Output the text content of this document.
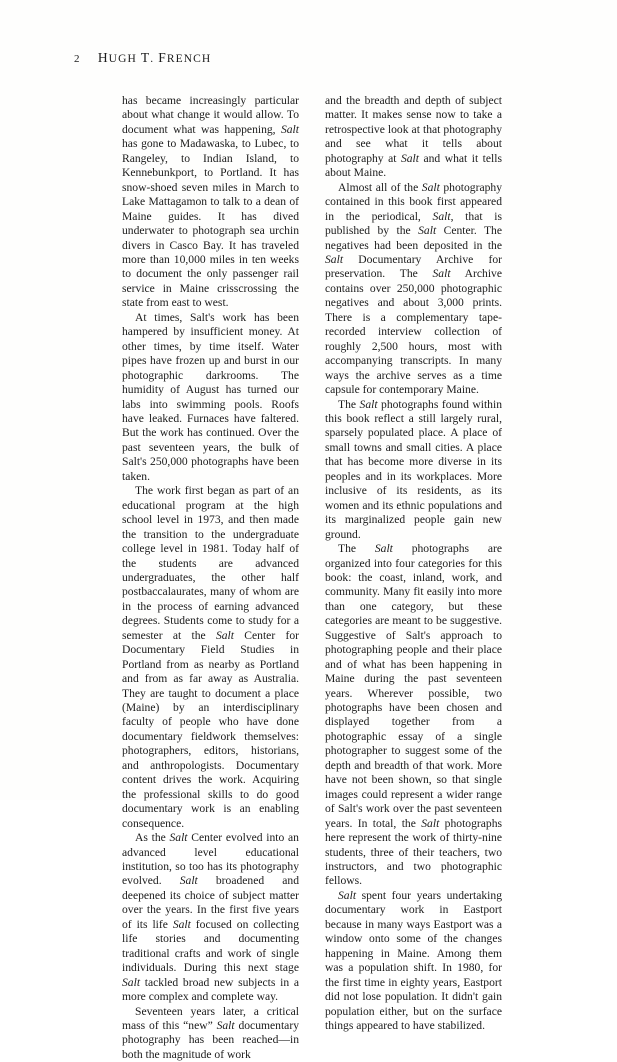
2 HUGH T. FRENCH

has became increasingly particular about what change it would allow. To document what was happening, Salt has gone to Madawaska, to Lubec, to Rangeley, to Indian Island, to Kennebunkport, to Portland. It has snow-shoed seven miles in March to Lake Mattagamon to talk to a dean of Maine guides. It has dived underwater to photograph sea urchin divers in Casco Bay. It has traveled more than 10,000 miles in ten weeks to document the only passenger rail service in Maine crisscrossing the state from east to west.

At times, Salt's work has been hampered by insufficient money. At other times, by time itself. Water pipes have frozen up and burst in our photographic darkrooms. The humidity of August has turned our labs into swimming pools. Roofs have leaked. Furnaces have faltered. But the work has continued. Over the past seventeen years, the bulk of Salt's 250,000 photographs have been taken.

The work first began as part of an educational program at the high school level in 1973, and then made the transition to the undergraduate college level in 1981. Today half of the students are advanced undergraduates, the other half postbaccalaurates, many of whom are in the process of earning advanced degrees. Students come to study for a semester at the Salt Center for Documentary Field Studies in Portland from as nearby as Portland and from as far away as Australia. They are taught to document a place (Maine) by an interdisciplinary faculty of people who have done documentary fieldwork themselves: photographers, editors, historians, and anthropologists. Documentary content drives the work. Acquiring the professional skills to do good documentary work is an enabling consequence.

As the Salt Center evolved into an advanced level educational institution, so too has its photography evolved. Salt broadened and deepened its choice of subject matter over the years. In the first five years of its life Salt focused on collecting life stories and documenting traditional crafts and work of single individuals. During this next stage Salt tackled broad new subjects in a more complex and complete way.

Seventeen years later, a critical mass of this “new” Salt documentary photography has been reached—in both the magnitude of work

and the breadth and depth of subject matter. It makes sense now to take a retrospective look at that photography and see what it tells about photography at Salt and what it tells about Maine.

Almost all of the Salt photography contained in this book first appeared in the periodical, Salt, that is published by the Salt Center. The negatives had been deposited in the Salt Documentary Archive for preservation. The Salt Archive contains over 250,000 photographic negatives and about 3,000 prints. There is a complementary tape-recorded interview collection of roughly 2,500 hours, most with accompanying transcripts. In many ways the archive serves as a time capsule for contemporary Maine.

The Salt photographs found within this book reflect a still largely rural, sparsely populated place. A place of small towns and small cities. A place that has become more diverse in its peoples and in its workplaces. More inclusive of its residents, as its women and its ethnic populations and its marginalized people gain new ground.

The Salt photographs are organized into four categories for this book: the coast, inland, work, and community. Many fit easily into more than one category, but these categories are meant to be suggestive. Suggestive of Salt's approach to photographing people and their place and of what has been happening in Maine during the past seventeen years. Wherever possible, two photographs have been chosen and displayed together from a photographic essay of a single photographer to suggest some of the depth and breadth of that work. More have not been shown, so that single images could represent a wider range of Salt's work over the past seventeen years. In total, the Salt photographs here represent the work of thirty-nine students, three of their teachers, two instructors, and two photographic fellows.

Salt spent four years undertaking documentary work in Eastport because in many ways Eastport was a window onto some of the changes happening in Maine. Among them was a population shift. In 1980, for the first time in eighty years, Eastport did not lose population. It didn't gain population either, but on the surface things appeared to have stabilized.
